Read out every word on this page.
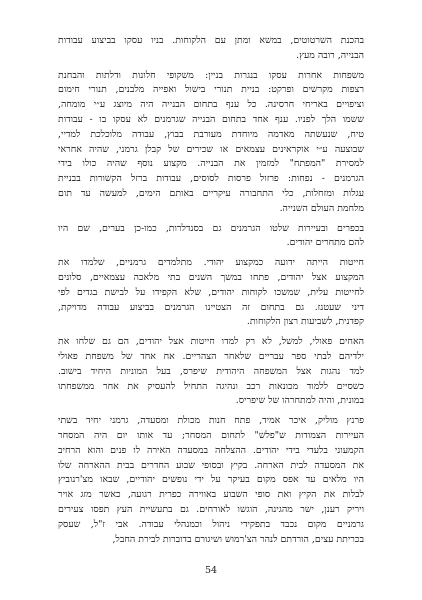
בהכנת השרטוטים, במשא ומתן עם הלקוחות. בניו עסקו בביצוע עבודות
הבנייה, רובה מעץ.
משפחות אחרות עסקו בנגרות בניין: משקופי חלונות ודלתות והבחנת
רצפות מקרשים ופרקט: בניית תנורי בישול ואפייה מלבנים, תנורי חימום
וציפויים באריחי חרסינה. כל ענף בתחום הבנייה היה מיוצג ע״י מומחה,
ששמו הלך לפניו. ענף אחד בתחום הבנייה שגרמנים לא עסקו בו - עבודות
טיח, שנעשתה מאדמה מיוחדת מעורבת בבוץ, עבודה מלוכלכת למדיי,
שבוצעה ע״י אוקראינים עצמאים או שכירים של קבלן גרמני, שהיה אחראי
למסירת "המפתח" למזמין את הבנייה. מקצוע נוסף שהיה כולו בידי
הגרמנים - נפחות: פרזול פרסות לסוסים, עבודות ברזל הקשורות בבניית
עגלות ומזחלות, כלי התחבורה עיקריים באותם הימים, למעשה עד תום
מלחמת העולם השנייה.
בכפרים ובעיירות שלטו הגרמנים גם בסנדלרות, כמו-כן בערים, שם היו
להם מתחרים יהודים.
חייטות הייתה ידועה כמקצוע יהודי. מתלמדים גרמניים, שלמדו את
המקצוע אצל יהודים, פתחו במשך השנים בתי מלאכה עצמאיים, סלונים
לחייטות עלית, שמשכו לקוחות יהודים, שלא הקפידו על לבישת בגדים לפי
דיני שעטנז. גם בתחום זה הצטיינו הגרמנים בביצוע עבודה מדויקת,
קפדנית, לשביעות רצון הלקוחות.
האחים פאולי, למשל, לא רק למדו חייטות אצל יהודים, הם גם שלחו את
ילדיהם לבתי ספר עבריים שלאחר הצהריים. אח אחד של משפחת פאולי
למד נהגות אצל המשפחה היהודית שיפרס, בעל המוניות היחיד בישוב.
כשסיים ללמוד מכונאות רכב ונהיגה התחיל להעסיק את אחר ממשפחתו
במונית, והיה למתחרהו של שיפריס.
פרנץ מוליק, איכר אמיד, פתח חנות מכולת ומסעדה, גרמני יחיד בשתי
העיירות הצמודות ש"פלש" לתחום המסחר; עד אותו יום היה המסחר
הקמעוני בלעדי בידי יהודים. ההצלחה במסעדה האירה לו פנים והוא הרחיב
את המסעדה לבית הארחה. בקיץ ובסופי שבוע החדרים בבית ההארחה שלו
היו מלאים עד אפס מקום בעיקר על ידי נופשים יהודיים, שבאו מצ'רנוביץ
לבלות את הקיץ ואת סופי השבוע באווירה כפרית רגועה, כאשר מזג אויר
ויריק רענן, ישר מהגינה, הוגשו לאורחים. גם בתעשיית העץ תפסו צעירים
גרמניים מקום נכבד בתפקידי ניהול וכמנהלי עבודה. אבי ז"ל, שעסק
בכריתת עצים, הורדתם לנהר הצ'רמוש ושיגורם בדוברות לבירת החבל,
54
